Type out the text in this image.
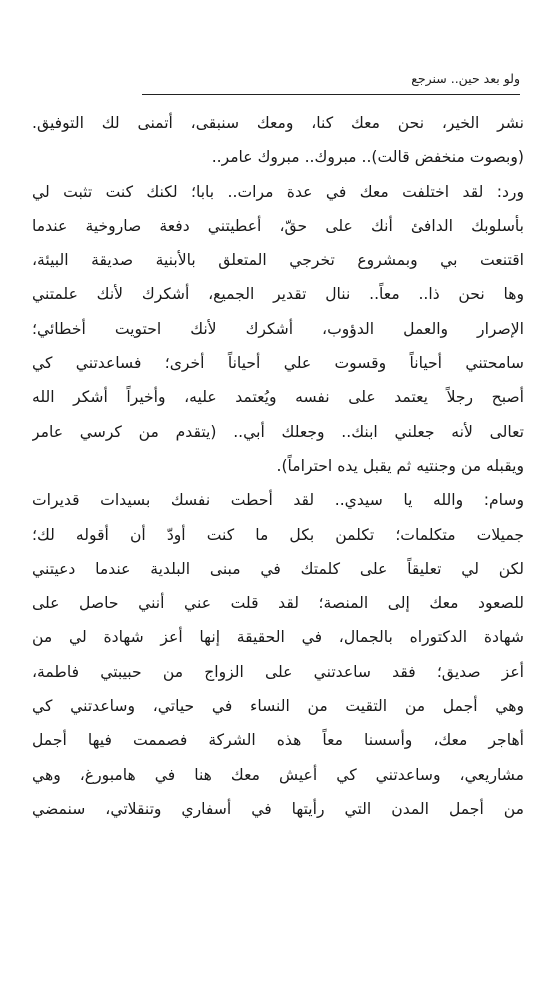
ولو بعد حين.. سنرجع
نشر الخير، نحن معك كنا، ومعك سنبقى، أتمنى لك التوفيق.
(وبصوت منخفض قالت).. مبروك.. مبروك عامر..
ورد: لقد اختلفت معك في عدة مرات.. بابا؛ لكنك كنت تثبت لي
بأسلوبك الدافئ أنك على حقّ، أعطيتني دفعة صاروخية عندما
اقتنعت بي وبمشروع تخرجي المتعلق بالأبنية صديقة البيئة،
وها نحن ذا.. معاً.. ننال تقدير الجميع، أشكرك لأنك علمتني
الإصرار والعمل الدؤوب، أشكرك لأنك احتويت أخطائي؛
سامحتني أحياناً وقسوت علي أحياناً أخرى؛ فساعدتني كي
أصبح رجلاً يعتمد على نفسه ويُعتمد عليه، وأخيراً أشكر الله
تعالى لأنه جعلني ابنك.. وجعلك أبي.. (يتقدم من كرسي عامر
ويقبله من وجنتيه ثم يقبل يده احتراماً).
وسام: والله يا سيدي.. لقد أحطت نفسك بسيدات قديرات
جميلات متكلمات؛ تكلمن بكل ما كنت أودّ أن أقوله لك؛
لكن لي تعليقاً على كلمتك في مبنى البلدية عندما دعيتني
للصعود معك إلى المنصة؛ لقد قلت عني أنني حاصل على
شهادة الدكتوراه بالجمال، في الحقيقة إنها أعز شهادة لي من
أعز صديق؛ فقد ساعدتني على الزواج من حبيبتي فاطمة،
وهي أجمل من التقيت من النساء في حياتي، وساعدتني كي
أهاجر معك، وأسسنا معاً هذه الشركة فصممت فيها أجمل
مشاريعي، وساعدتني كي أعيش معك هنا في هامبورغ، وهي
من أجمل المدن التي رأيتها في أسفاري وتنقلاتي، سنمضي
